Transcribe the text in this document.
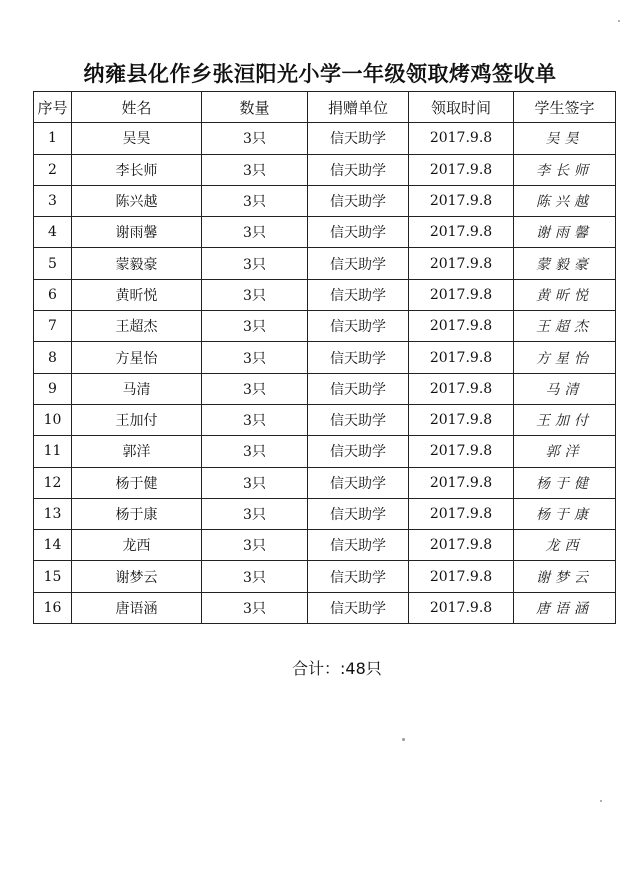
纳雍县化作乡张洹阳光小学一年级领取烤鸡签收单
序号	姓名	数量	捐赠单位	领取时间	学生签字
1	吴昊	3只	信天助学	2017.9.8	吴昊
2	李长师	3只	信天助学	2017.9.8	李长师
3	陈兴越	3只	信天助学	2017.9.8	陈兴越
4	谢雨馨	3只	信天助学	2017.9.8	谢雨馨
5	蒙毅豪	3只	信天助学	2017.9.8	蒙毅豪
6	黄昕悦	3只	信天助学	2017.9.8	黄昕悦
7	王超杰	3只	信天助学	2017.9.8	王超杰
8	方星怡	3只	信天助学	2017.9.8	方星怡
9	马清	3只	信天助学	2017.9.8	马清
10	王加付	3只	信天助学	2017.9.8	王加付
11	郭洋	3只	信天助学	2017.9.8	郭洋
12	杨于健	3只	信天助学	2017.9.8	杨于健
13	杨于康	3只	信天助学	2017.9.8	杨于康
14	龙西	3只	信天助学	2017.9.8	龙西
15	谢梦云	3只	信天助学	2017.9.8	谢梦云
16	唐语涵	3只	信天助学	2017.9.8	唐语涵
合计：:48只
